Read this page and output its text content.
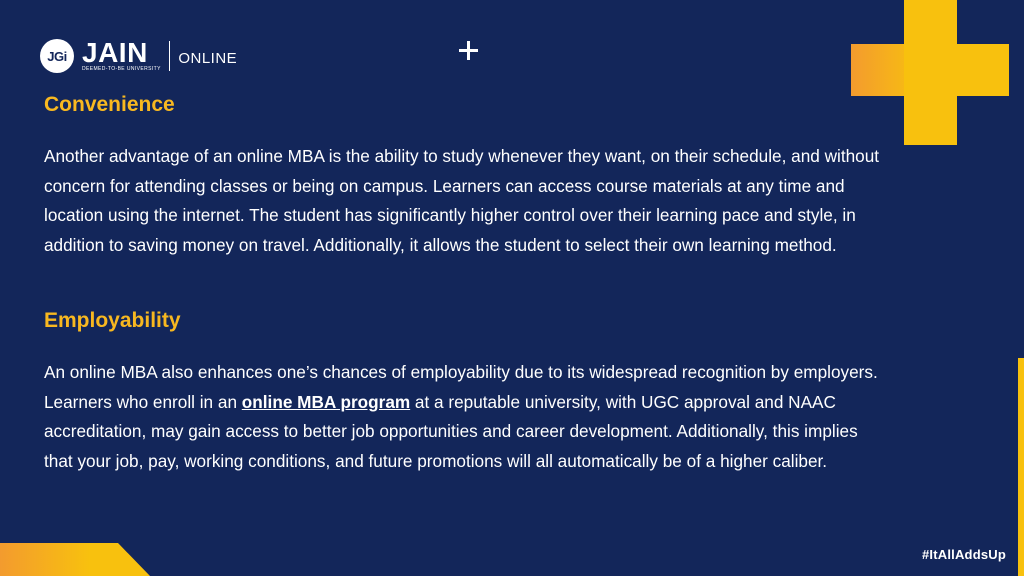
JGi JAIN
DEEMED-TO-BE UNIVERSITY
ONLINE
Convenience

Another advantage of an online MBA is the ability to study whenever they want, on their schedule, and without concern for attending classes or being on campus. Learners can access course materials at any time and location using the internet. The student has significantly higher control over their learning pace and style, in addition to saving money on travel. Additionally, it allows the student to select their own learning method.

Employability

An online MBA also enhances one’s chances of employability due to its widespread recognition by employers. Learners who enroll in an online MBA program at a reputable university, with UGC approval and NAAC accreditation, may gain access to better job opportunities and career development. Additionally, this implies that your job, pay, working conditions, and future promotions will all automatically be of a higher caliber.

#ItAllAddsUp
